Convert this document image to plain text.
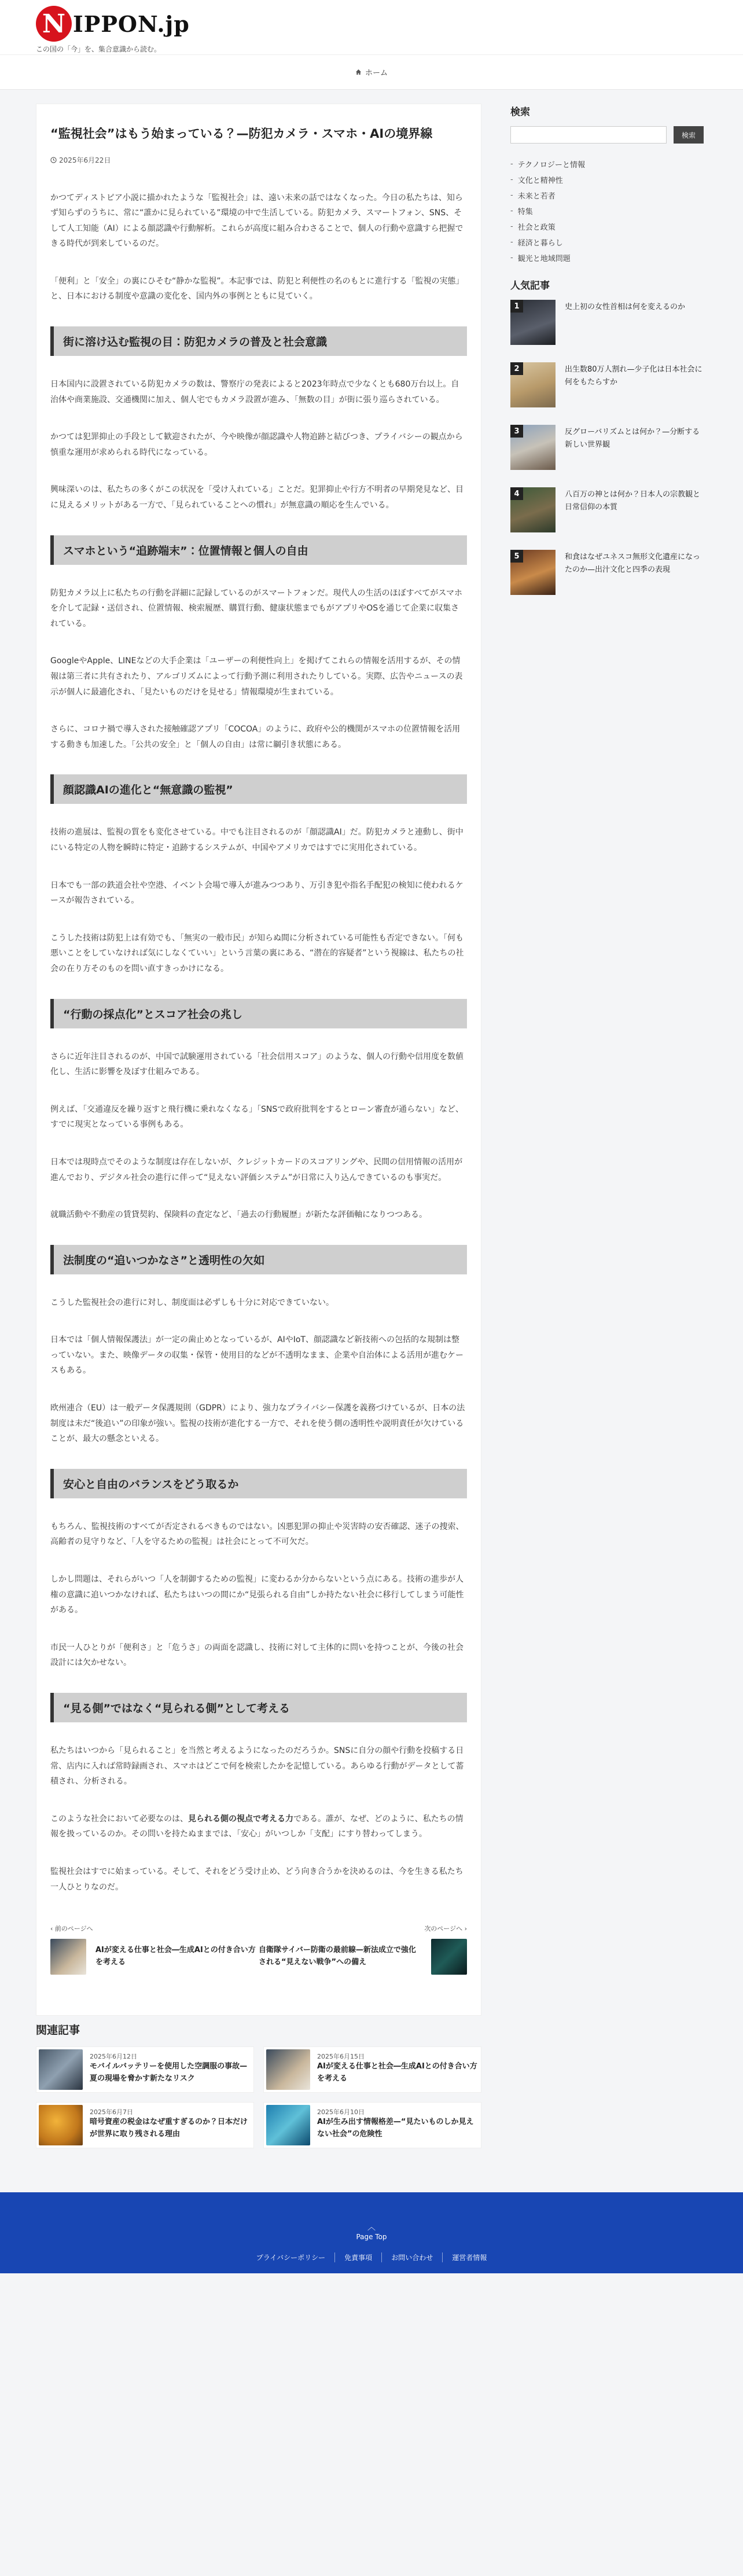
N IPPON.jp
この国の「今」を、集合意識から読む。
ホーム
“監視社会”はもう始まっている？—防犯カメラ・スマホ・AIの境界線
2025年6月22日

かつてディストピア小説に描かれたような「監視社会」は、遠い未来の話ではなくなった。今日の私たちは、知らず知らずのうちに、常に“誰かに見られている”環境の中で生活している。防犯カメラ、スマートフォン、SNS、そして人工知能（AI）による顔認識や行動解析。これらが高度に組み合わさることで、個人の行動や意識すら把握できる時代が到来しているのだ。

「便利」と「安全」の裏にひそむ“静かな監視”。本記事では、防犯と利便性の名のもとに進行する「監視の実態」と、日本における制度や意識の変化を、国内外の事例とともに見ていく。

街に溶け込む監視の目：防犯カメラの普及と社会意識

日本国内に設置されている防犯カメラの数は、警察庁の発表によると2023年時点で少なくとも680万台以上。自治体や商業施設、交通機関に加え、個人宅でもカメラ設置が進み、「無数の目」が街に張り巡らされている。

かつては犯罪抑止の手段として歓迎されたが、今や映像が顔認識や人物追跡と結びつき、プライバシーの観点から慎重な運用が求められる時代になっている。

興味深いのは、私たちの多くがこの状況を「受け入れている」ことだ。犯罪抑止や行方不明者の早期発見など、目に見えるメリットがある一方で、「見られていることへの慣れ」が無意識の順応を生んでいる。

スマホという“追跡端末”：位置情報と個人の自由

防犯カメラ以上に私たちの行動を詳細に記録しているのがスマートフォンだ。現代人の生活のほぼすべてがスマホを介して記録・送信され、位置情報、検索履歴、購買行動、健康状態までもがアプリやOSを通じて企業に収集されている。

GoogleやApple、LINEなどの大手企業は「ユーザーの利便性向上」を掲げてこれらの情報を活用するが、その情報は第三者に共有されたり、アルゴリズムによって行動予測に利用されたりしている。実際、広告やニュースの表示が個人に最適化され、「見たいものだけを見せる」情報環境が生まれている。

さらに、コロナ禍で導入された接触確認アプリ「COCOA」のように、政府や公的機関がスマホの位置情報を活用する動きも加速した。「公共の安全」と「個人の自由」は常に綱引き状態にある。

顔認識AIの進化と“無意識の監視”

技術の進展は、監視の質をも変化させている。中でも注目されるのが「顔認識AI」だ。防犯カメラと連動し、街中にいる特定の人物を瞬時に特定・追跡するシステムが、中国やアメリカではすでに実用化されている。

日本でも一部の鉄道会社や空港、イベント会場で導入が進みつつあり、万引き犯や指名手配犯の検知に使われるケースが報告されている。

こうした技術は防犯上は有効でも、「無実の一般市民」が知らぬ間に分析されている可能性も否定できない。「何も悪いことをしていなければ気にしなくていい」という言葉の裏にある、“潜在的容疑者”という視線は、私たちの社会の在り方そのものを問い直すきっかけになる。

“行動の採点化”とスコア社会の兆し

さらに近年注目されるのが、中国で試験運用されている「社会信用スコア」のような、個人の行動や信用度を数値化し、生活に影響を及ぼす仕組みである。

例えば、「交通違反を繰り返すと飛行機に乗れなくなる」「SNSで政府批判をするとローン審査が通らない」など、すでに現実となっている事例もある。

日本では現時点でそのような制度は存在しないが、クレジットカードのスコアリングや、民間の信用情報の活用が進んでおり、デジタル社会の進行に伴って“見えない評価システム”が日常に入り込んできているのも事実だ。

就職活動や不動産の賃貸契約、保険料の査定など、「過去の行動履歴」が新たな評価軸になりつつある。

法制度の“追いつかなさ”と透明性の欠如

こうした監視社会の進行に対し、制度面は必ずしも十分に対応できていない。

日本では「個人情報保護法」が一定の歯止めとなっているが、AIやIoT、顔認識など新技術への包括的な規制は整っていない。また、映像データの収集・保管・使用目的などが不透明なまま、企業や自治体による活用が進むケースもある。

欧州連合（EU）は一般データ保護規則（GDPR）により、強力なプライバシー保護を義務づけているが、日本の法制度は未だ“後追い”の印象が強い。監視の技術が進化する一方で、それを使う側の透明性や説明責任が欠けていることが、最大の懸念といえる。

安心と自由のバランスをどう取るか

もちろん、監視技術のすべてが否定されるべきものではない。凶悪犯罪の抑止や災害時の安否確認、迷子の捜索、高齢者の見守りなど、「人を守るための監視」は社会にとって不可欠だ。

しかし問題は、それらがいつ「人を制御するための監視」に変わるか分からないという点にある。技術の進歩が人権の意識に追いつかなければ、私たちはいつの間にか“見張られる自由”しか持たない社会に移行してしまう可能性がある。

市民一人ひとりが「便利さ」と「危うさ」の両面を認識し、技術に対して主体的に問いを持つことが、今後の社会設計には欠かせない。

“見る側”ではなく“見られる側”として考える

私たちはいつから「見られること」を当然と考えるようになったのだろうか。SNSに自分の顔や行動を投稿する日常、店内に入れば常時録画され、スマホはどこで何を検索したかを記憶している。あらゆる行動がデータとして蓄積され、分析される。

このような社会において必要なのは、見られる側の視点で考える力である。誰が、なぜ、どのように、私たちの情報を扱っているのか。その問いを持たぬままでは、「安心」がいつしか「支配」にすり替わってしまう。

監視社会はすでに始まっている。そして、それをどう受け止め、どう向き合うかを決めるのは、今を生きる私たち一人ひとりなのだ。

‹ 前のページへ
AIが変える仕事と社会―生成AIとの付き合い方を考える
次のページへ ›
自衛隊サイバー防衛の最前線—新法成立で強化される“見えない戦争”への備え
検索
検索
- テクノロジーと情報
- 文化と精神性
- 未来と若者
- 特集
- 社会と政策
- 経済と暮らし
- 観光と地域問題
人気記事
1	史上初の女性首相は何を変えるのか
2	出生数80万人割れ—少子化は日本社会に何をもたらすか
3	反グローバリズムとは何か？—分断する新しい世界観
4	八百万の神とは何か？日本人の宗教観と日常信仰の本質
5	和食はなぜユネスコ無形文化遺産になったのか—出汁文化と四季の表現
関連記事
2025年6月12日
モバイルバッテリーを使用した空調服の事故—夏の現場を脅かす新たなリスク
2025年6月15日
AIが変える仕事と社会―生成AIとの付き合い方を考える
2025年6月7日
暗号資産の税金はなぜ重すぎるのか？日本だけが世界に取り残される理由
2025年6月10日
AIが生み出す情報格差—“見たいものしか見えない社会”の危険性
︿
Page Top
プライバシーポリシー	免責事項	お問い合わせ	運営者情報
